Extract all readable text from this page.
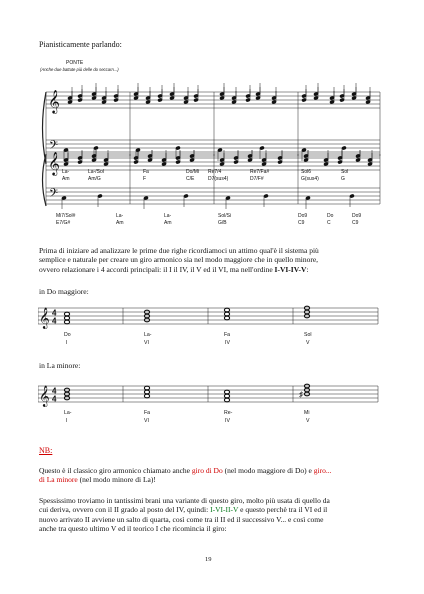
Pianisticamente parlando:
PONTE
(Anche due battute più delle do seccarn...)
𝄞
𝄢
La-	La-/Sol	Fa	Do/Mi Re7/4	Re7/Fa#	Sol6	Sol
Am	Am/G	F	C/E	D7(sus4)	D7/F#	G(sus4)	G
𝄞
𝄢
Mi7/Sol#	La-	La-	Sol/Si	Do9	Do	Do9
E7/G#	Am	Am	G/B	C9	C	C9
Prima di iniziare ad analizzare le prime due righe ricordiamoci un attimo qual'è il sistema più
semplice e naturale per creare un giro armonico sia nel modo maggiore che in quello minore,
ovvero relazionare i 4 accordi principali: il I il IV, il V ed il VI, ma nell'ordine I-VI-IV-V:
in Do maggiore:
𝄞 4
4
Do	La-	Fa	Sol
I	VI	IV	V
in La minore:
𝄞 4
4	♯
La-	Fa	Re-	Mi
I	VI	IV	V
NB:
Questo è il classico giro armonico chiamato anche giro di Do (nel modo maggiore di Do) e giro...
di La minore (nel modo minore di La)!
Spessissimo troviamo in tantissimi brani una variante di questo giro, molto più usata di quello da
cui deriva, ovvero con il II grado al posto del IV, quindi: I-VI-II-V e questo perchè tra il VI ed il
nuovo arrivato II avviene un salto di quarta, così come tra il II ed il successivo V... e così come
anche tra questo ultimo V ed il teorico I che ricomincia il giro:
19
